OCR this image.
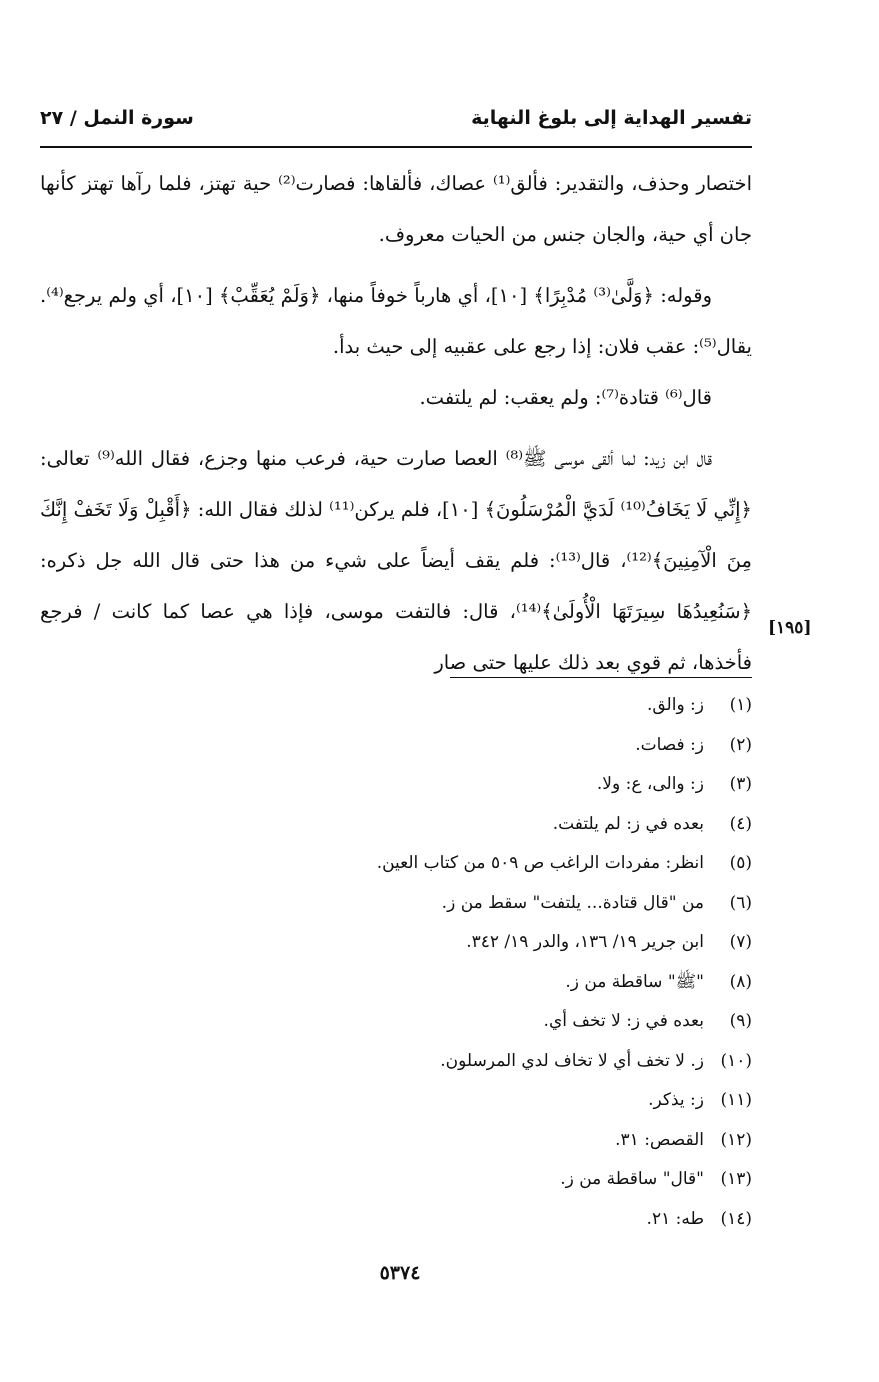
تفسير الهداية إلى بلوغ النهاية
سورة النمل / ٢٧

اختصار وحذف، والتقدير: فألق⁽¹⁾ عصاك، فألقاها: فصارت⁽²⁾ حية تهتز، فلما رآها تهتز كأنها جان أي حية، والجان جنس من الحيات معروف.

وقوله: ﴿وَلَّىٰ⁽³⁾ مُدْبِرًا﴾ [١٠]، أي هارباً خوفاً منها، ﴿وَلَمْ يُعَقِّبْ﴾ [١٠]، أي ولم يرجع⁽⁴⁾. يقال⁽⁵⁾: عقب فلان: إذا رجع على عقبيه إلى حيث بدأ.

قال⁽⁶⁾ قتادة⁽⁷⁾: ولم يعقب: لم يلتفت.

قال ابن زيد: لما ألقى موسى ﷺ⁽⁸⁾ العصا صارت حية، فرعب منها وجزع، فقال الله⁽⁹⁾ تعالى: ﴿إِنِّي لَا يَخَافُ⁽¹⁰⁾ لَدَيَّ الْمُرْسَلُونَ﴾ [١٠]، فلم يركن⁽¹¹⁾ لذلك فقال الله: ﴿أَقْبِلْ وَلَا تَخَفْ إِنَّكَ مِنَ الْآمِنِينَ﴾⁽¹²⁾، قال⁽¹³⁾: فلم يقف أيضاً على شيء من هذا حتى قال الله جل ذكره: ﴿سَنُعِيدُهَا سِيرَتَهَا الْأُولَىٰ﴾⁽¹⁴⁾، قال: فالتفت موسى، فإذا هي عصا كما كانت / فرجع فأخذها، ثم قوي بعد ذلك عليها حتى صار

[١٩٥]
(١)
ز: والق.
(٢)
ز: فصات.
(٣)
ز: والى، ع: ولا.
(٤)
بعده في ز: لم يلتفت.
(٥)
انظر: مفردات الراغب ص ٥٠٩ من كتاب العين.
(٦)
من "قال قتادة... يلتفت" سقط من ز.
(٧)
ابن جرير ١٩/ ١٣٦، والدر ١٩/ ٣٤٢.
(٨)
"ﷺ" ساقطة من ز.
(٩)
بعده في ز: لا تخف أي.
(١٠)
ز. لا تخف أي لا تخاف لدي المرسلون.
(١١)
ز: يذكر.
(١٢)
القصص: ٣١.
(١٣)
"قال" ساقطة من ز.
(١٤)
طه: ٢١.
٥٣٧٤
